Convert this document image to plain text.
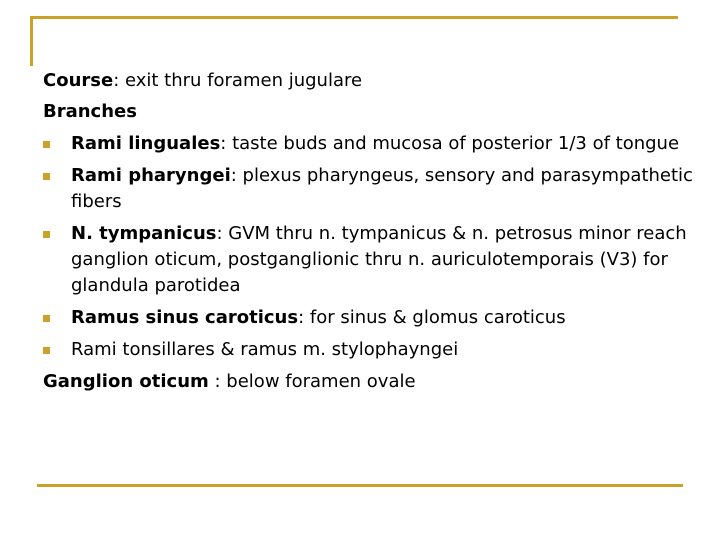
Course: exit thru foramen jugulare

Branches

Rami linguales: taste buds and mucosa of posterior 1/3 of tongue
Rami pharyngei: plexus pharyngeus, sensory and parasympathetic fibers
N. tympanicus: GVM thru n. tympanicus & n. petrosus minor reach ganglion oticum, postganglionic thru n. auriculotemporais (V3) for glandula parotidea
Ramus sinus caroticus: for sinus & glomus caroticus
Rami tonsillares & ramus m. stylophayngei

Ganglion oticum : below foramen ovale
